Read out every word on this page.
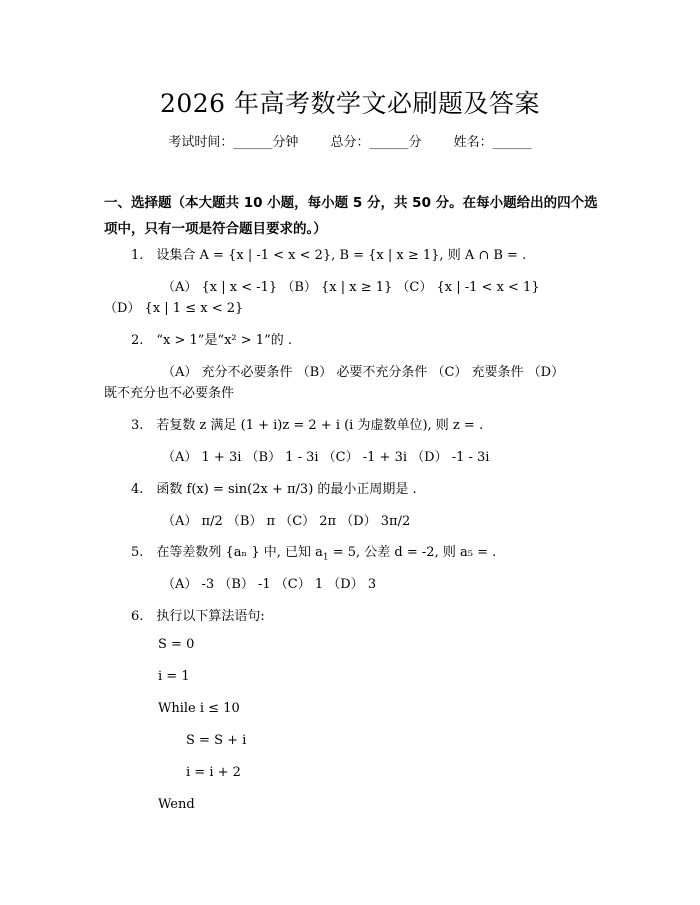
2026 年高考数学文必刷题及答案
考试时间：______分钟 总分：______分 姓名：______
一、选择题（本大题共 10 小题，每小题 5 分，共 50 分。在每小题给出的四个选项中，只有一项是符合题目要求的。）
1.　设集合 A = {x | -1 < x < 2}, B = {x | x ≥ 1}, 则 A ∩ B = .
（A） {x | x < -1} （B） {x | x ≥ 1} （C） {x | -1 < x < 1}
（D） {x | 1 ≤ x < 2}
2.　“x > 1”是“x² > 1”的 .
（A） 充分不必要条件 （B） 必要不充分条件 （C） 充要条件 （D）
既不充分也不必要条件
3.　若复数 z 满足 (1 + i)z = 2 + i (i 为虚数单位), 则 z = .
（A） 1 + 3i （B） 1 - 3i （C） -1 + 3i （D） -1 - 3i
4.　函数 f(x) = sin(2x + π/3) 的最小正周期是 .
（A） π/2 （B） π （C） 2π （D） 3π/2
5.　在等差数列 {aₙ } 中, 已知 $a_1 = 5$, 公差 d = -2, 则 a₅ = .
（A） -3 （B） -1 （C） 1 （D） 3
6.　执行以下算法语句:
S = 0
i = 1
While i ≤ 10
S = S + i
i = i + 2
Wend
